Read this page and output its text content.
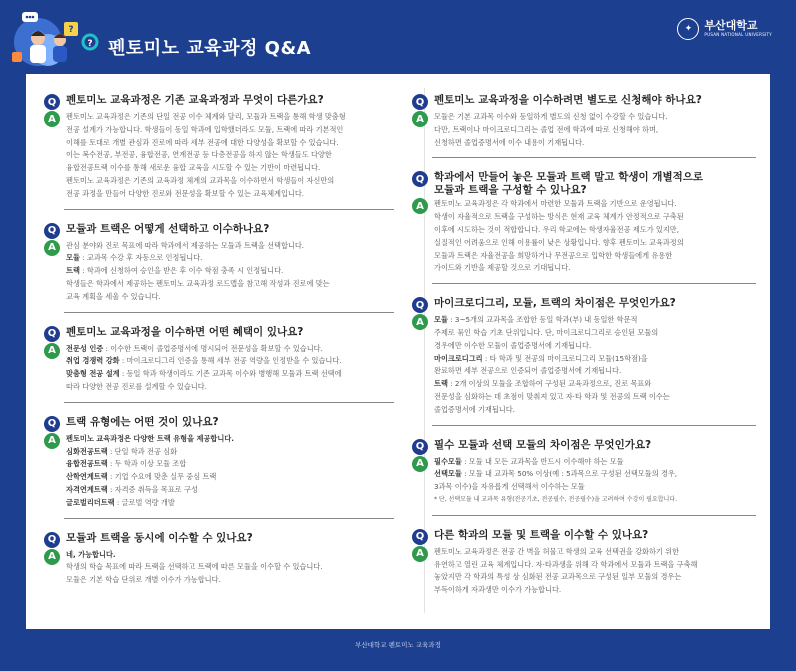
?
? 펜토미노 교육과정 Q&A
✦	부산대학교
PUSAN NATIONAL UNIVERSITY
Q 펜토미노 교육과정은 기존 교육과정과 무엇이 다른가요?
A	펜토미노 교육과정은 기존의 단일 전공 이수 체계와 달리, 모듈과 트랙을 통해 학생 맞춤형

전공 설계가 가능합니다. 학생들이 동일 학과에 입학했더라도 모듈, 트랙에 따라 기본적인

이해를 토대로 개별 관심과 진로에 따라 세부 전공에 대한 다양성을 확보할 수 있습니다.

이는 복수전공, 부전공, 융합전공, 연계전공 등 다층전공을 하지 않는 학생들도 다양한

융합전공트랙 이수를 통해 새로운 융합 교육을 시도할 수 있는 기반이 마련됩니다.

펜토미노 교육과정은 기존의 교육과정 체계의 교과목을 이수하면서 학생들이 자신만의

전공 과정을 만들어 다양한 진로와 전문성을 확보할 수 있는 교육체계입니다.

Q 모듈과 트랙은 어떻게 선택하고 이수하나요?
A	관심 분야와 진로 목표에 따라 학과에서 제공하는 모듈과 트랙을 선택합니다.

모듈 : 교과목 수강 후 자동으로 인정됩니다.

트랙 : 학과에 신청하여 승인을 받은 후 이수 학점 충족 시 인정됩니다.

학생들은 학과에서 제공하는 펜토미노 교육과정 로드맵을 참고해 작성과 진로에 맞는

교육 계획을 세울 수 있습니다.

Q 펜토미노 교육과정을 이수하면 어떤 혜택이 있나요?
A	전문성 인증 : 이수한 트랙이 졸업증명서에 명시되어 전문성을 확보할 수 있습니다.

취업 경쟁력 강화 : 마이크로디그리 인증을 통해 세부 전공 역량을 인정받을 수 있습니다.

맞춤형 전공 설계 : 동일 학과 학생이라도 기존 교과목 이수와 병행해 모듈과 트랙 선택에

따라 다양한 전공 진로를 설계할 수 있습니다.

Q 트랙 유형에는 어떤 것이 있나요?
A	펜토미노 교육과정은 다양한 트랙 유형을 제공합니다.

심화전공트랙 : 단일 학과 전공 심화

융합전공트랙 : 두 학과 이상 모듈 조합

산학연계트랙 : 기업 수요에 맞춘 실무 중심 트랙

자격연계트랙 : 자격증 취득을 목표로 구성

글로벌리더트랙 : 글로벌 역량 개발

Q 모듈과 트랙을 동시에 이수할 수 있나요?
A	네, 가능합니다.

학생의 학습 목표에 따라 트랙을 선택하고 트랙에 따른 모듈을 이수할 수 있습니다.

모듈은 기본 학습 단위로 개별 이수가 가능합니다.

Q 펜토미노 교육과정을 이수하려면 별도로 신청해야 하나요?
A	모듈은 기본 교과목 이수와 동일하게 별도의 신청 없이 수강할 수 있습니다.

다만, 트랙이나 마이크로디그리는 졸업 전에 학과에 따로 신청해야 하며,

신청하면 졸업증명서에 이수 내용이 기재됩니다.

Q 학과에서 만들어 놓은 모듈과 트랙 말고 학생이 개별적으로
모듈과 트랙을 구성할 수 있나요?
A	펜토미노 교육과정은 각 학과에서 마련한 모듈과 트랙을 기반으로 운영됩니다.

학생이 자율적으로 트랙을 구성하는 방식은 현재 교육 체계가 안정적으로 구축된

이후에 시도하는 것이 적합합니다. 우리 학교에는 학생자율전공 제도가 있지만,

실질적인 어려움으로 인해 이용률이 낮은 상황입니다. 향후 펜토미노 교육과정의

모듈과 트랙은 자율전공을 희망하거나 무전공으로 입학한 학생들에게 유용한

가이드와 기반을 제공할 것으로 기대됩니다.

Q 마이크로디그리, 모듈, 트랙의 차이점은 무엇인가요?
A	모듈 : 3~5개의 교과목을 조합한 동일 학과(부) 내 동일한 학문적

주제로 묶인 학습 기초 단위입니다. 단, 마이크로디그리로 승인된 모듈의

경우에만 이수한 모듈이 졸업증명서에 기재됩니다.

마이크로디그리 : 타 학과 및 전공의 마이크로디그리 모듈(15학점)을

완료하면 세부 전공으로 인증되어 졸업증명서에 기재됩니다.

트랙 : 2개 이상의 모듈을 조합하여 구성된 교육과정으로, 진로 목표와

전문성을 심화하는 데 초점이 맞춰져 있고 자·타 학과 및 전공의 트랙 이수는

졸업증명서에 기재됩니다.

Q 필수 모듈과 선택 모듈의 차이점은 무엇인가요?
A	필수모듈 : 모듈 내 모든 교과목을 반드시 이수해야 하는 모듈

선택모듈 : 모듈 내 교과목 50% 이상(예 : 5과목으로 구성된 선택모듈의 경우,

3과목 이수)을 자유롭게 선택해서 이수하는 모듈

* 단, 선택모듈 내 교과목 유형(전공기초, 전공필수, 전공필수)을 고려하여 수강이 필요합니다.

Q 다른 학과의 모듈 및 트랙을 이수할 수 있나요?
A	펜토미노 교육과정은 전공 간 벽을 허물고 학생의 교육 선택권을 강화하기 위한

유연하고 열린 교육 체계입니다. 자·타과생을 위해 각 학과에서 모듈과 트랙을 구축해

놓았지만 각 학과의 특성 상 심화된 전공 교과목으로 구성된 일부 모듈의 경우는

부득이하게 자과생만 이수가 가능합니다.

부산대학교 펜토미노 교육과정
